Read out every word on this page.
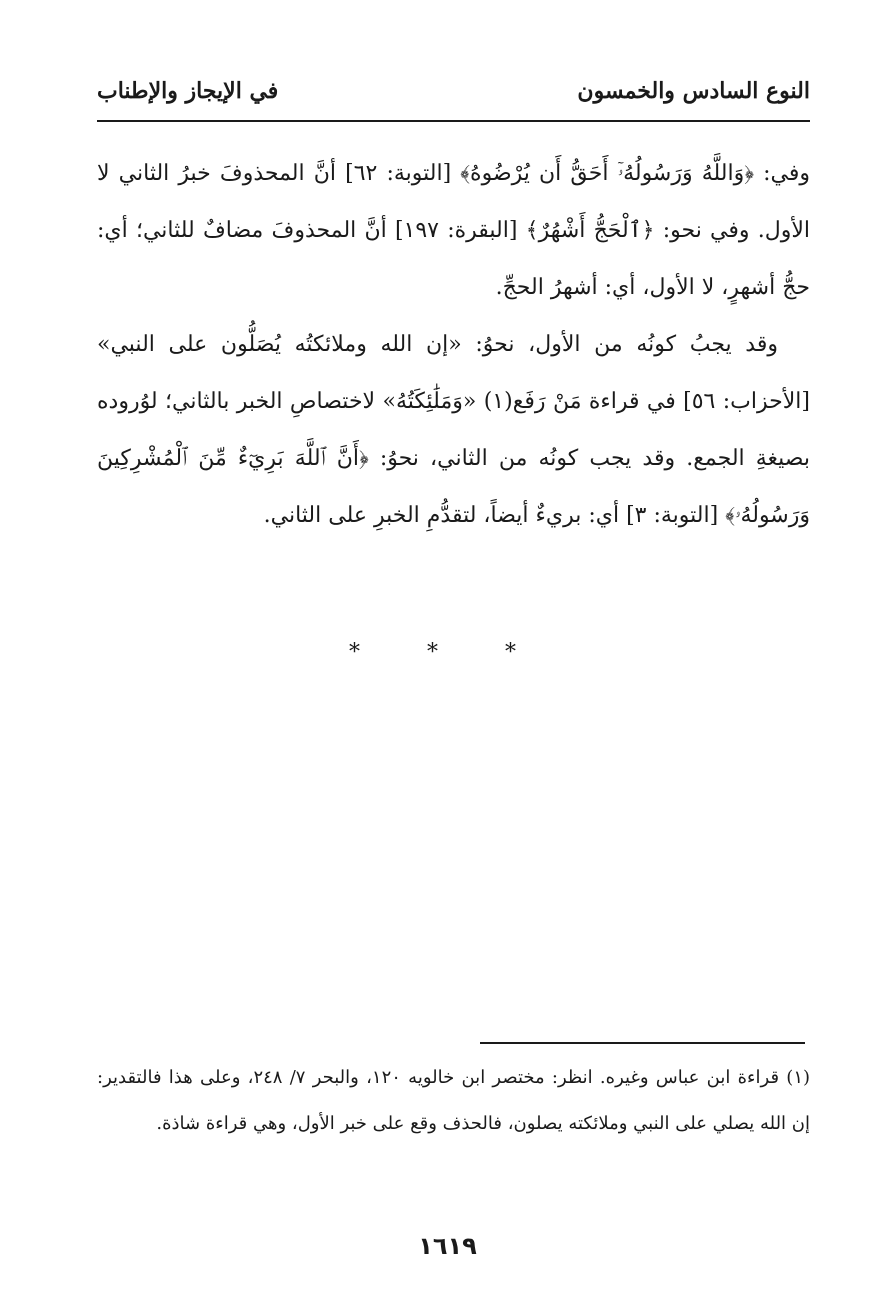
النوع السادس والخمسون
في الإيجاز والإطناب

وفي: ﴿وَاللَّهُ وَرَسُولُهُۥٓ أَحَقُّ أَن يُرْضُوهُ﴾ [التوبة: ٦٢] أنَّ المحذوفَ خبرُ الثاني لا الأول. وفي نحو: ﴿ٱلْحَجُّ أَشْهُرٌ﴾ [البقرة: ١٩٧] أنَّ المحذوفَ مضافٌ للثاني؛ أي: حجُّ أشهرٍ، لا الأول، أي: أشهرُ الحجِّ.

وقد يجبُ كونُه من الأول، نحوُ: «إن الله وملائكتُه يُصَلُّون على النبي» [الأحزاب: ٥٦] في قراءة مَنْ رَفَع(١) «وَمَلَٰئِكَتُهُ» لاختصاصِ الخبر بالثاني؛ لوُروده بصيغةِ الجمع. وقد يجب كونُه من الثاني، نحوُ: ﴿أَنَّ ٱللَّهَ بَرِيٓءٌ مِّنَ ٱلْمُشْرِكِينَ وَرَسُولُهُۥ﴾ [التوبة: ٣] أي: بريءٌ أيضاً، لتقدُّمِ الخبرِ على الثاني.

* * *

(١) قراءة ابن عباس وغيره. انظر: مختصر ابن خالويه ١٢٠، والبحر ٧/ ٢٤٨، وعلى هذا فالتقدير: إن الله يصلي على النبي وملائكته يصلون، فالحذف وقع على خبر الأول، وهي قراءة شاذة.

١٦١٩
